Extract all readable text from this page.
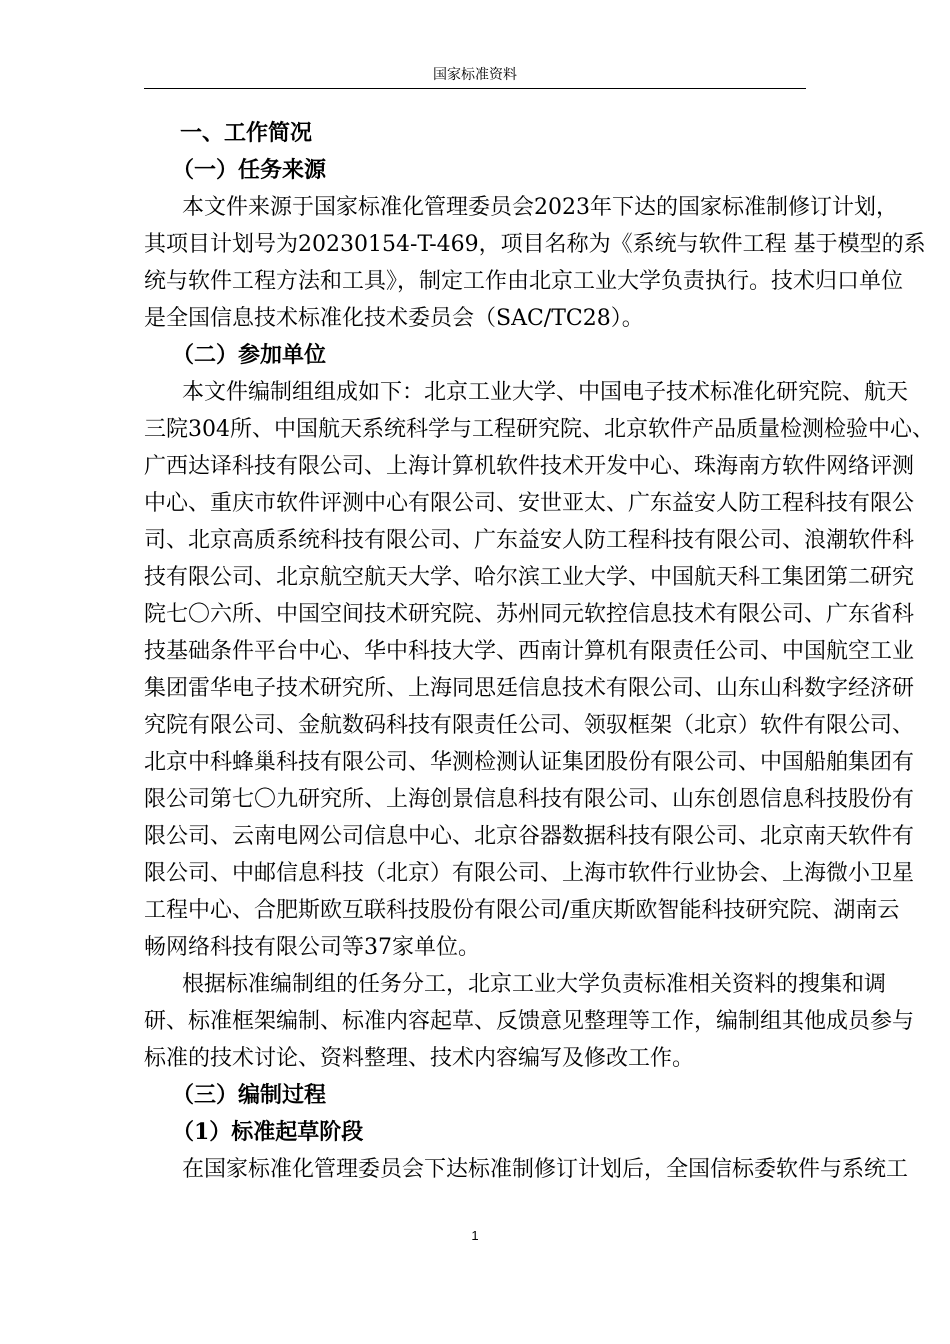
国家标准资料
一、工作简况
（一）任务来源
本文件来源于国家标准化管理委员会2023年下达的国家标准制修订计划，
其项目计划号为20230154-T-469，项目名称为《系统与软件工程 基于模型的系
统与软件工程方法和工具》，制定工作由北京工业大学负责执行。技术归口单位
是全国信息技术标准化技术委员会（SAC/TC28）。
（二）参加单位
本文件编制组组成如下：北京工业大学、中国电子技术标准化研究院、航天
三院304所、中国航天系统科学与工程研究院、北京软件产品质量检测检验中心、
广西达译科技有限公司、上海计算机软件技术开发中心、珠海南方软件网络评测
中心、重庆市软件评测中心有限公司、安世亚太、广东益安人防工程科技有限公
司、北京高质系统科技有限公司、广东益安人防工程科技有限公司、浪潮软件科
技有限公司、北京航空航天大学、哈尔滨工业大学、中国航天科工集团第二研究
院七〇六所、中国空间技术研究院、苏州同元软控信息技术有限公司、广东省科
技基础条件平台中心、华中科技大学、西南计算机有限责任公司、中国航空工业
集团雷华电子技术研究所、上海同思廷信息技术有限公司、山东山科数字经济研
究院有限公司、金航数码科技有限责任公司、领驭框架（北京）软件有限公司、
北京中科蜂巢科技有限公司、华测检测认证集团股份有限公司、中国船舶集团有
限公司第七〇九研究所、上海创景信息科技有限公司、山东创恩信息科技股份有
限公司、云南电网公司信息中心、北京谷器数据科技有限公司、北京南天软件有
限公司、中邮信息科技（北京）有限公司、上海市软件行业协会、上海微小卫星
工程中心、合肥斯欧互联科技股份有限公司/重庆斯欧智能科技研究院、湖南云
畅网络科技有限公司等37家单位。
根据标准编制组的任务分工，北京工业大学负责标准相关资料的搜集和调
研、标准框架编制、标准内容起草、反馈意见整理等工作，编制组其他成员参与
标准的技术讨论、资料整理、技术内容编写及修改工作。
（三）编制过程
（1）标准起草阶段
在国家标准化管理委员会下达标准制修订计划后，全国信标委软件与系统工
1
